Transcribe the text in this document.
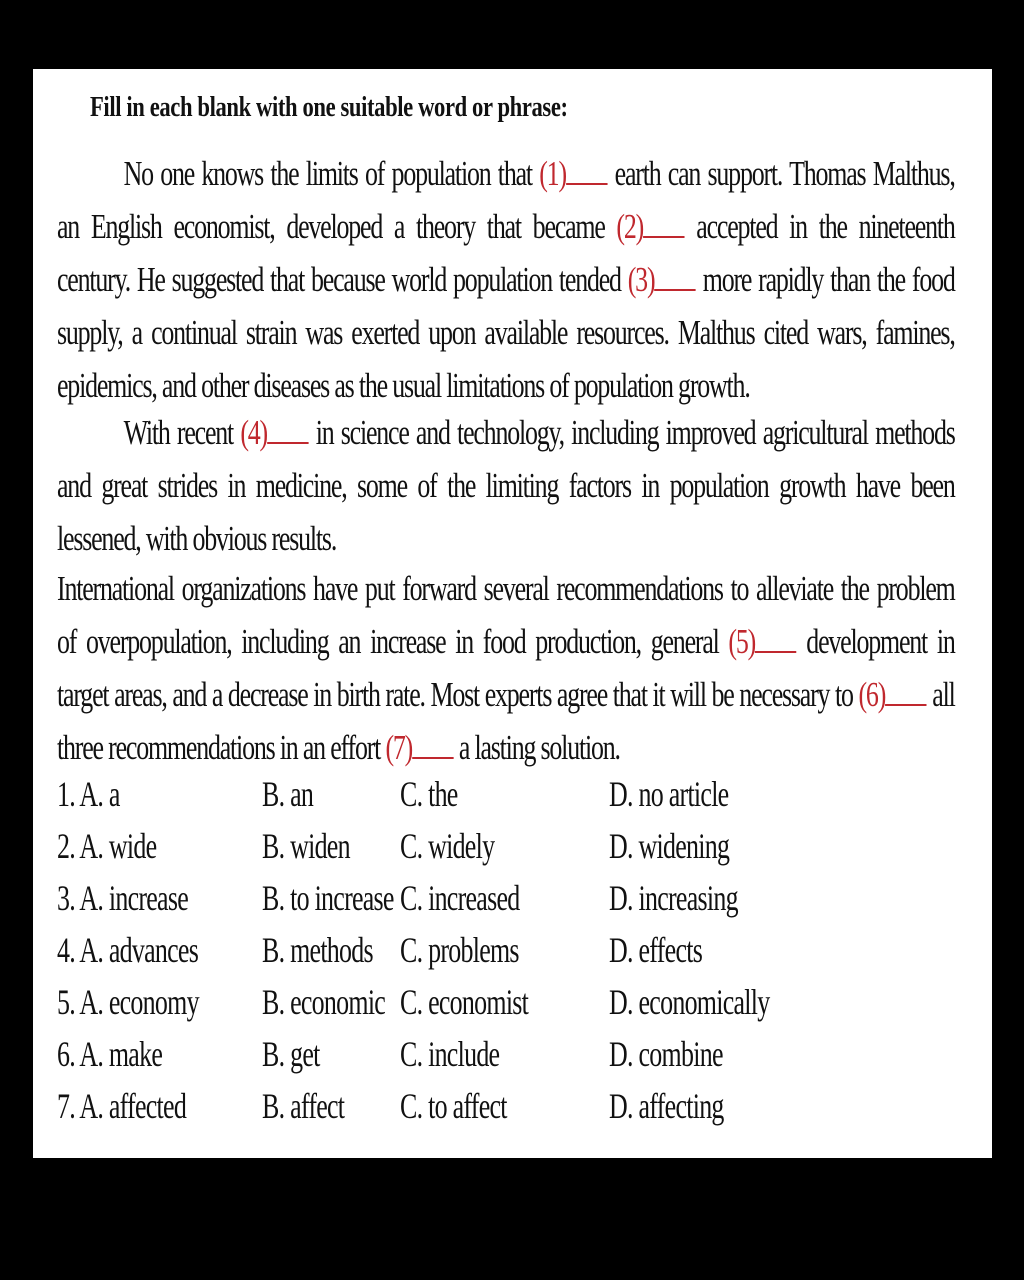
Fill in each blank with one suitable word or phrase:
No one knows the limits of population that (1) earth can support. Thomas Malthus, an English economist, developed a theory that became (2) accepted in the nineteenth century. He suggested that because world population tended (3) more rapidly than the food supply, a continual strain was exerted upon available resources. Malthus cited wars, famines, epidemics, and other diseases as the usual limitations of population growth.
With recent (4) in science and technology, including improved agricultural methods and great strides in medicine, some of the limiting factors in population growth have been lessened, with obvious results.
International organizations have put forward several recommendations to alleviate the problem of overpopulation, including an increase in food production, general (5) development in target areas, and a decrease in birth rate. Most experts agree that it will be necessary to (6) all three recommendations in an effort (7) a lasting solution.
1. A. a	B. an C. the	D. no article
2. A. wide	B. widen C. widely	D. widening
3. A. increase B. to increase C. increased D. increasing
4. A. advances B. methods C. problems	D. effects
5. A. economy B. economic C. economist D. economically
6. A. make	B. get C. include	D. combine
7. A. affected B. affect C. to affect	D. affecting
